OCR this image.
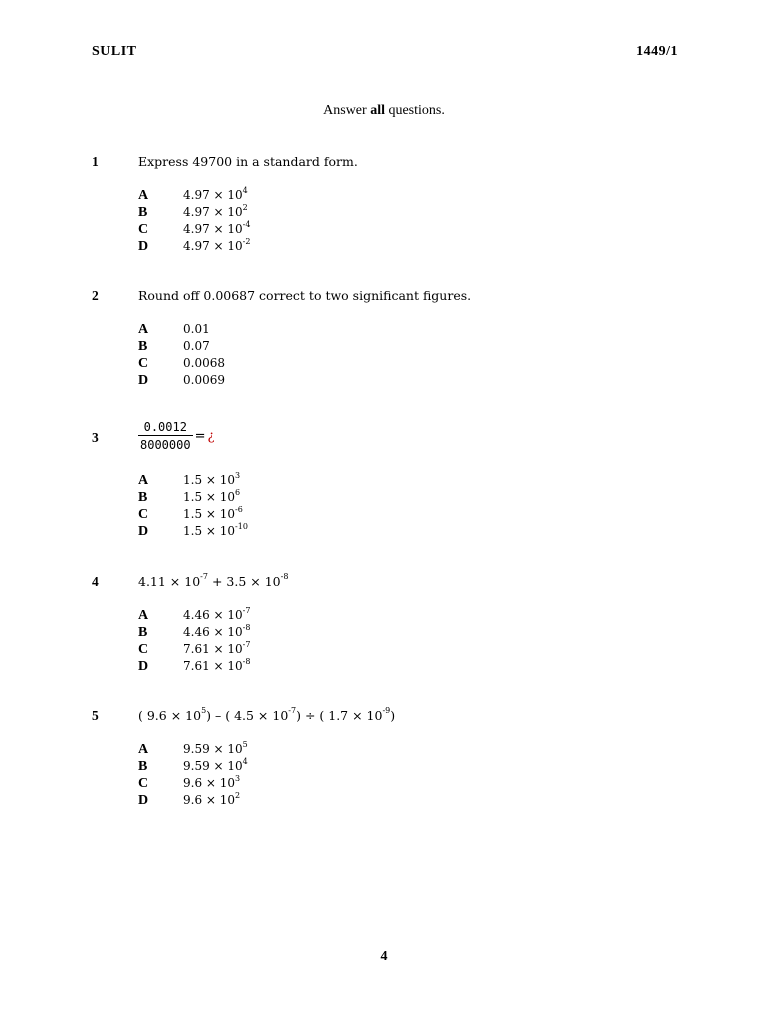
SULIT	1449/1
Answer all questions.
1	Express 49700 in a standard form.
A	$4.97 \times 10^4$
B	$4.97 \times 10^2$
C	$4.97 \times 10^{-4}$
D	$4.97 \times 10^{-2}$
2	Round off 0.00687 correct to two significant figures.
A	0.01
B	0.07
C	0.0068
D	0.0069
3	$\frac{0.0012}{8000000}$ = ¿
A	$1.5 \times 10^3$
B	$1.5 \times 10^6$
C	$1.5 \times 10^{-6}$
D	$1.5 \times 10^{-10}$
4	$4.11 \times 10^{-7} + 3.5 \times 10^{-8}$
A	$4.46 \times 10^{-7}$
B	$4.46 \times 10^{-8}$
C	$7.61 \times 10^{-7}$
D	$7.61 \times 10^{-8}$
5	( $9.6 \times 10^5$) – ( $4.5 \times 10^{-7}$) ÷ ( $1.7 \times 10^{-9}$)
A	$9.59 \times 10^5$
B	$9.59 \times 10^4$
C	$9.6 \times 10^3$
D	$9.6 \times 10^2$
4
